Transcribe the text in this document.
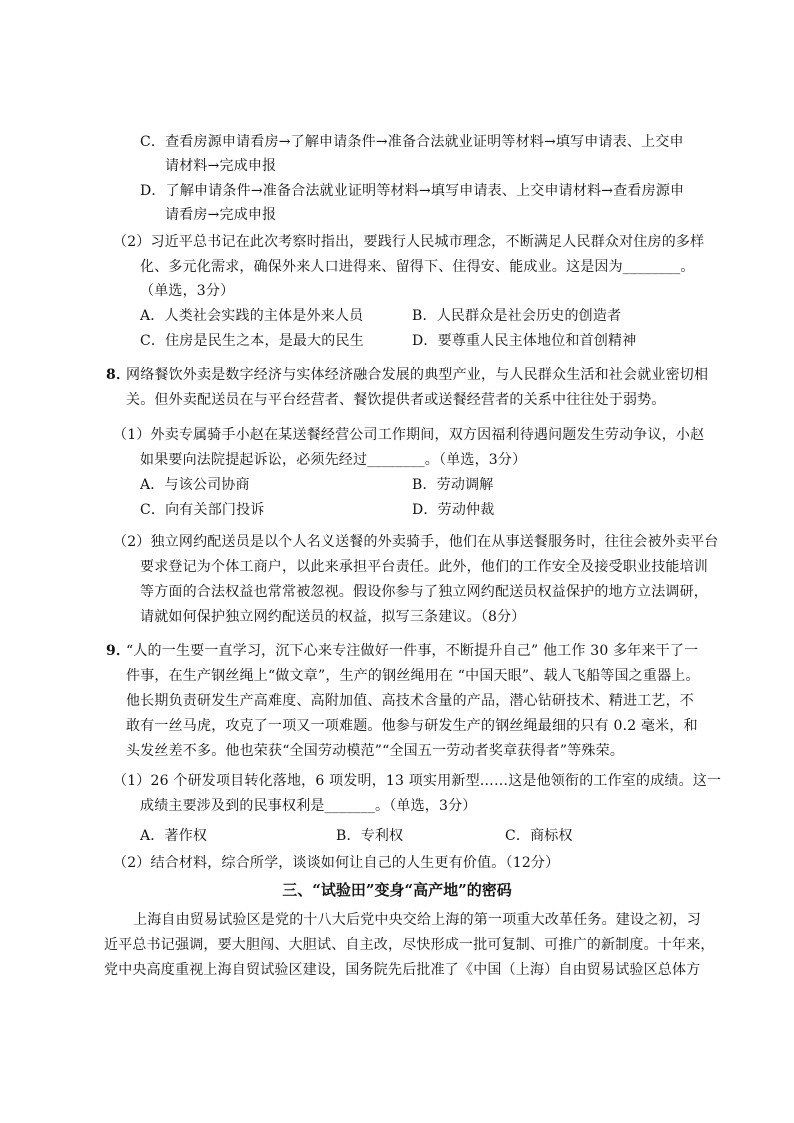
C．查看房源申请看房→了解申请条件→准备合法就业证明等材料→填写申请表、上交申
请材料→完成申报
D．了解申请条件→准备合法就业证明等材料→填写申请表、上交申请材料→查看房源申
请看房→完成申报
（2）习近平总书记在此次考察时指出，要践行人民城市理念，不断满足人民群众对住房的多样
化、多元化需求，确保外来人口进得来、留得下、住得安、能成业。这是因为________。
（单选，3分）
A．人类社会实践的主体是外来人员	B．人民群众是社会历史的创造者
C．住房是民生之本，是最大的民生	D．要尊重人民主体地位和首创精神
8．
网络餐饮外卖是数字经济与实体经济融合发展的典型产业，与人民群众生活和社会就业密切相
关。但外卖配送员在与平台经营者、餐饮提供者或送餐经营者的关系中往往处于弱势。
（1）外卖专属骑手小赵在某送餐经营公司工作期间，双方因福利待遇问题发生劳动争议，小赵
如果要向法院提起诉讼，必须先经过________。（单选，3分）
A．与该公司协商	B．劳动调解
C．向有关部门投诉	D．劳动仲裁
（2）独立网约配送员是以个人名义送餐的外卖骑手，他们在从事送餐服务时，往往会被外卖平台
要求登记为个体工商户，以此来承担平台责任。此外，他们的工作安全及接受职业技能培训
等方面的合法权益也常常被忽视。假设你参与了独立网约配送员权益保护的地方立法调研，
请就如何保护独立网约配送员的权益，拟写三条建议。（8分）
9．
“人的一生要一直学习，沉下心来专注做好一件事，不断提升自己” 他工作 30 多年来干了一
件事，在生产钢丝绳上“做文章”，生产的钢丝绳用在 “中国天眼”、载人飞船等国之重器上。
他长期负责研发生产高难度、高附加值、高技术含量的产品，潜心钻研技术、精进工艺，不
敢有一丝马虎，攻克了一项又一项难题。他参与研发生产的钢丝绳最细的只有 0.2 毫米，和
头发丝差不多。他也荣获“全国劳动模范”“全国五一劳动者奖章获得者”等殊荣。
（1）26 个研发项目转化落地，6 项发明，13 项实用新型……这是他领衔的工作室的成绩。这一
成绩主要涉及到的民事权利是_______。（单选，3分）
A．著作权	B．专利权	C．商标权
（2）结合材料，综合所学，谈谈如何让自己的人生更有价值。（12分）
三、“试验田”变身“高产地”的密码
上海自由贸易试验区是党的十八大后党中央交给上海的第一项重大改革任务。建设之初，习
近平总书记强调，要大胆闯、大胆试、自主改，尽快形成一批可复制、可推广的新制度。十年来，
党中央高度重视上海自贸试验区建设，国务院先后批准了《中国（上海）自由贸易试验区总体方
